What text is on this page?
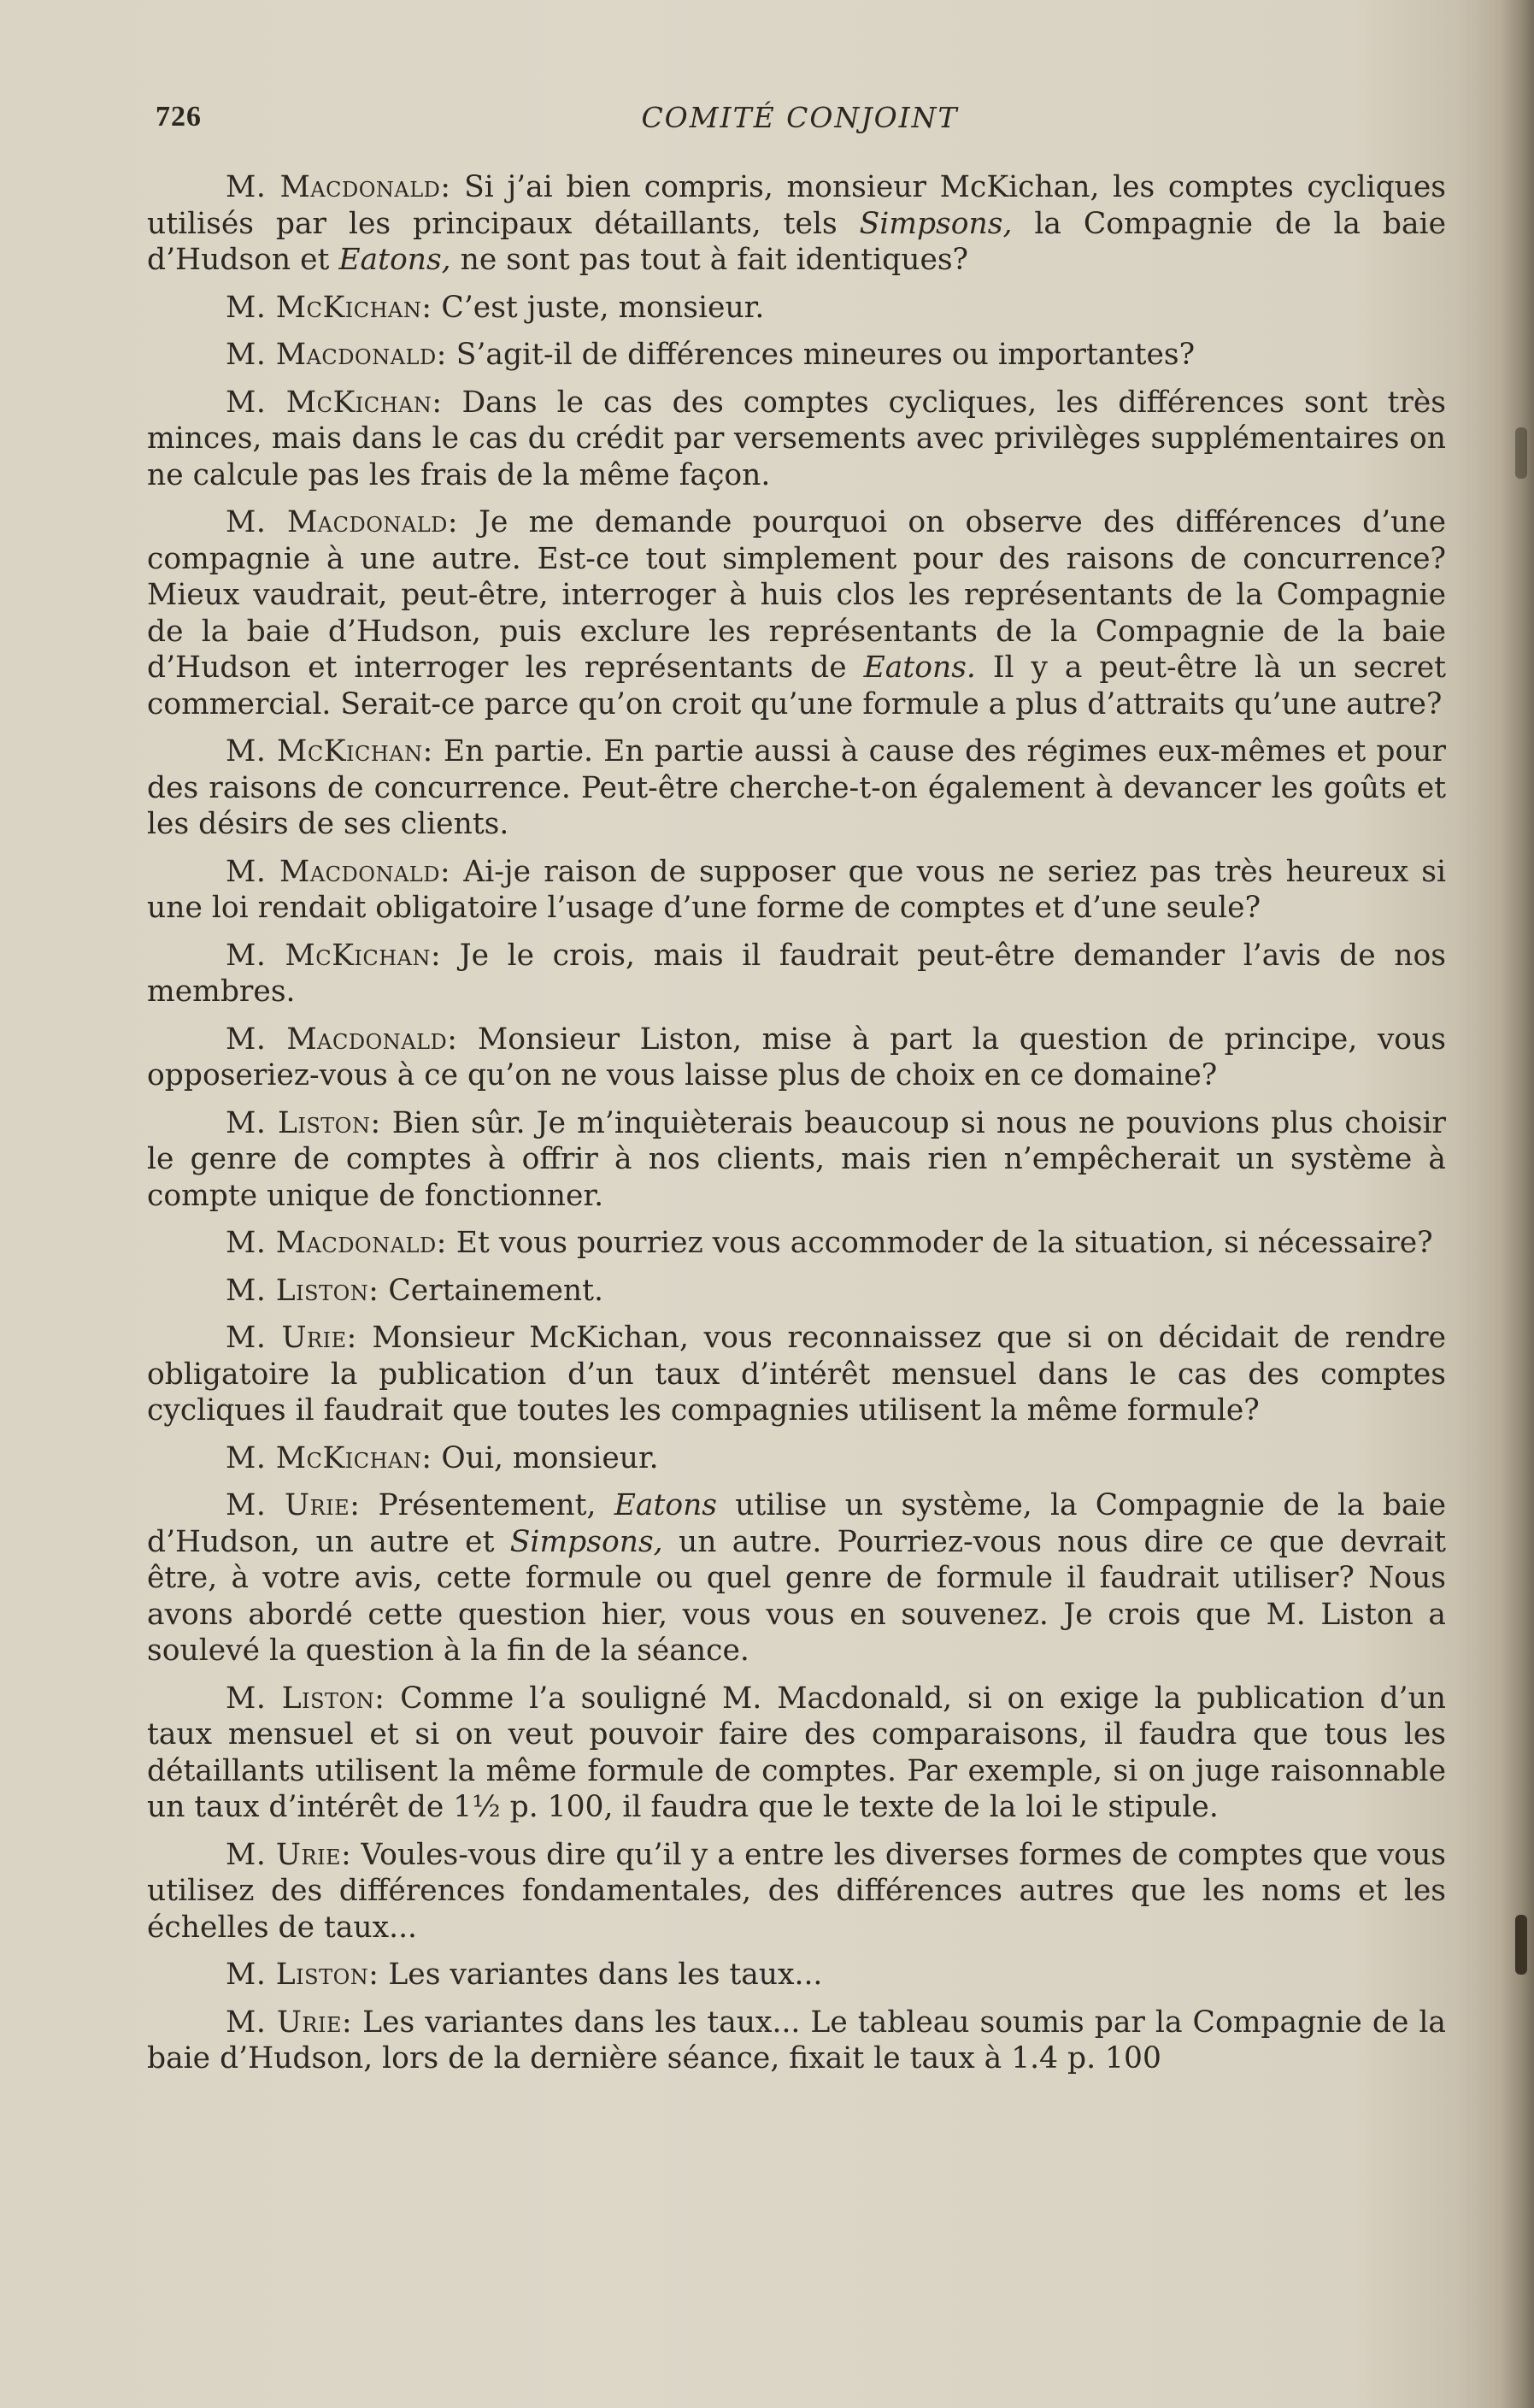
726	COMITÉ CONJOINT

M. Macdonald: Si j’ai bien compris, monsieur McKichan, les comptes cycliques utilisés par les principaux détaillants, tels Simpsons, la Compagnie de la baie d’Hudson et Eatons, ne sont pas tout à fait identiques?

M. McKichan: C’est juste, monsieur.

M. Macdonald: S’agit-il de différences mineures ou importantes?

M. McKichan: Dans le cas des comptes cycliques, les différences sont très minces, mais dans le cas du crédit par versements avec privilèges supplémentaires on ne calcule pas les frais de la même façon.

M. Macdonald: Je me demande pourquoi on observe des différences d’une compagnie à une autre. Est-ce tout simplement pour des raisons de concurrence? Mieux vaudrait, peut-être, interroger à huis clos les représentants de la Compagnie de la baie d’Hudson, puis exclure les représentants de la Compagnie de la baie d’Hudson et interroger les représentants de Eatons. Il y a peut-être là un secret commercial. Serait-ce parce qu’on croit qu’une formule a plus d’attraits qu’une autre?

M. McKichan: En partie. En partie aussi à cause des régimes eux-mêmes et pour des raisons de concurrence. Peut-être cherche-t-on également à devancer les goûts et les désirs de ses clients.

M. Macdonald: Ai-je raison de supposer que vous ne seriez pas très heureux si une loi rendait obligatoire l’usage d’une forme de comptes et d’une seule?

M. McKichan: Je le crois, mais il faudrait peut-être demander l’avis de nos membres.

M. Macdonald: Monsieur Liston, mise à part la question de principe, vous opposeriez-vous à ce qu’on ne vous laisse plus de choix en ce domaine?

M. Liston: Bien sûr. Je m’inquièterais beaucoup si nous ne pouvions plus choisir le genre de comptes à offrir à nos clients, mais rien n’empêcherait un système à compte unique de fonctionner.

M. Macdonald: Et vous pourriez vous accommoder de la situation, si nécessaire?

M. Liston: Certainement.

M. Urie: Monsieur McKichan, vous reconnaissez que si on décidait de rendre obligatoire la publication d’un taux d’intérêt mensuel dans le cas des comptes cycliques il faudrait que toutes les compagnies utilisent la même formule?

M. McKichan: Oui, monsieur.

M. Urie: Présentement, Eatons utilise un système, la Compagnie de la baie d’Hudson, un autre et Simpsons, un autre. Pourriez-vous nous dire ce que devrait être, à votre avis, cette formule ou quel genre de formule il faudrait utiliser? Nous avons abordé cette question hier, vous vous en souvenez. Je crois que M. Liston a soulevé la question à la fin de la séance.

M. Liston: Comme l’a souligné M. Macdonald, si on exige la publication d’un taux mensuel et si on veut pouvoir faire des comparaisons, il faudra que tous les détaillants utilisent la même formule de comptes. Par exemple, si on juge raisonnable un taux d’intérêt de 1½ p. 100, il faudra que le texte de la loi le stipule.

M. Urie: Voules-vous dire qu’il y a entre les diverses formes de comptes que vous utilisez des différences fondamentales, des différences autres que les noms et les échelles de taux...

M. Liston: Les variantes dans les taux...

M. Urie: Les variantes dans les taux... Le tableau soumis par la Compagnie de la baie d’Hudson, lors de la dernière séance, fixait le taux à 1.4 p. 100
